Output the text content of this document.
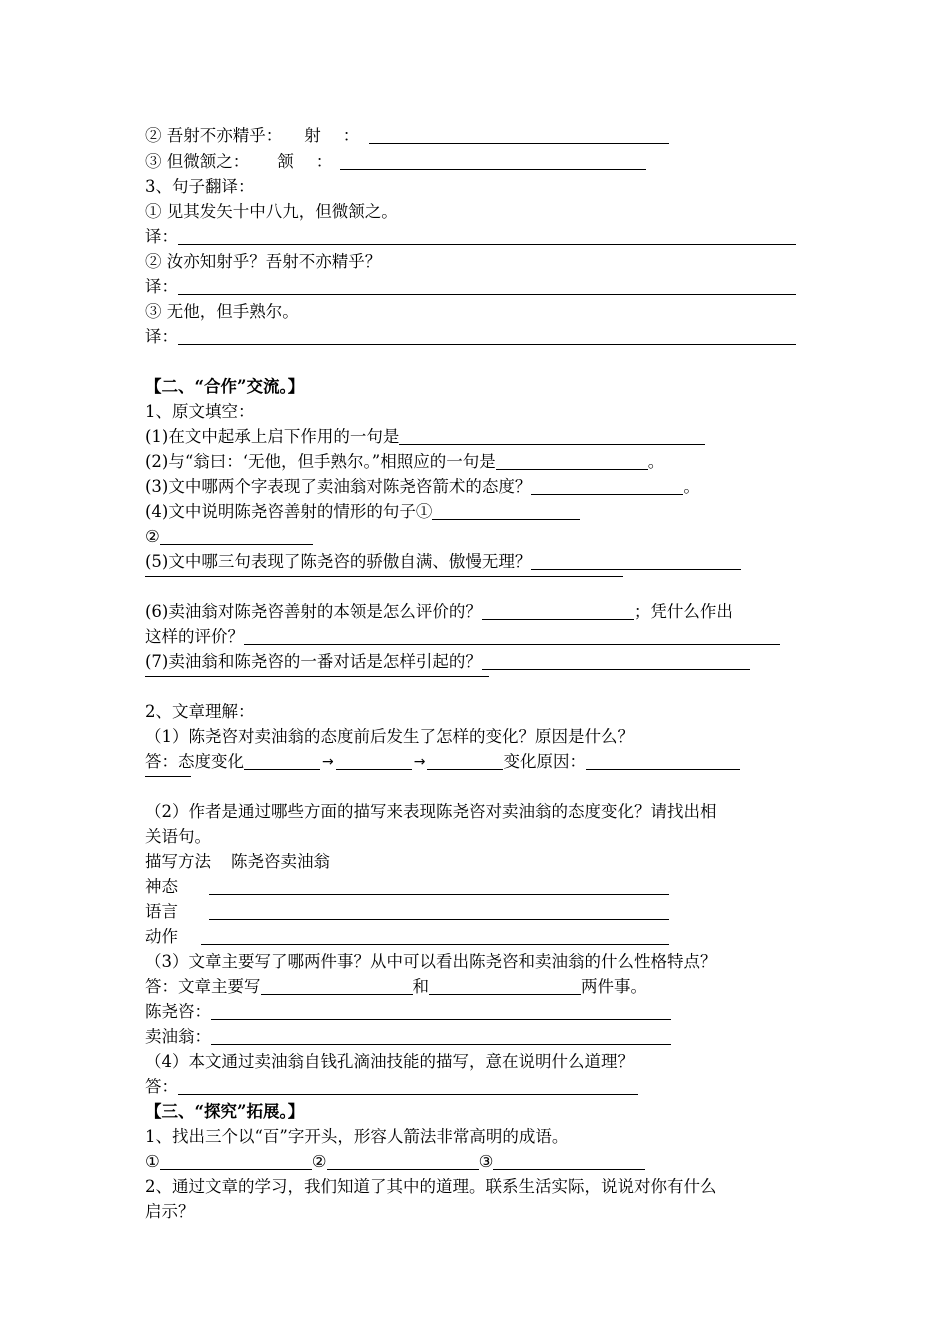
② 吾射不亦精乎： 射 ：
③ 但微颔之： 颔 ：
3、句子翻译：
① 见其发矢十中八九，但微颔之。
译：
② 汝亦知射乎？吾射不亦精乎？
译：
③ 无他，但手熟尔。
译：
【二、“合作”交流。】
1、原文填空：
(1)在文中起承上启下作用的一句是
(2)与“翁曰：‘无他，但手熟尔。”相照应的一句是	。
(3)文中哪两个字表现了卖油翁对陈尧咨箭术的态度？	。
(4)文中说明陈尧咨善射的情形的句子①
②
(5)文中哪三句表现了陈尧咨的骄傲自满、傲慢无理？
(6)卖油翁对陈尧咨善射的本领是怎么评价的？	；凭什么作出
这样的评价？
(7)卖油翁和陈尧咨的一番对话是怎样引起的？
2、文章理解：
（1）陈尧咨对卖油翁的态度前后发生了怎样的变化？原因是什么？
答：态度变化	→	→	变化原因：
（2）作者是通过哪些方面的描写来表现陈尧咨对卖油翁的态度变化？请找出相
关语句。
描写方法 陈尧咨卖油翁
神态
语言
动作
（3）文章主要写了哪两件事？从中可以看出陈尧咨和卖油翁的什么性格特点？
答：文章主要写	和	两件事。
陈尧咨：
卖油翁：
（4）本文通过卖油翁自钱孔滴油技能的描写，意在说明什么道理？
答：
【三、“探究”拓展。】
1、找出三个以“百”字开头，形容人箭法非常高明的成语。
①	②	③
2、通过文章的学习，我们知道了其中的道理。联系生活实际，说说对你有什么
启示？
